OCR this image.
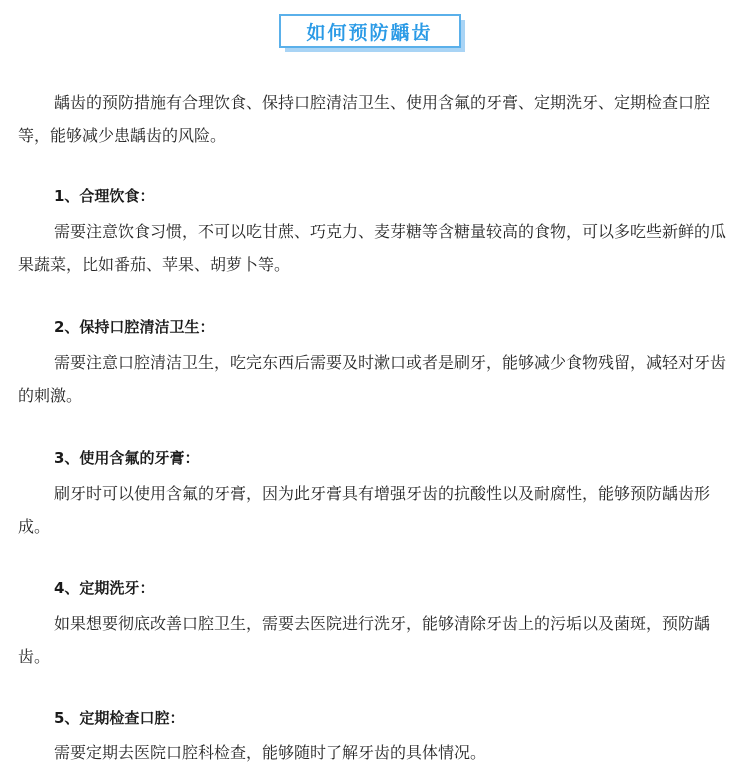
如何预防龋齿
龋齿的预防措施有合理饮食、保持口腔清洁卫生、使用含氟的牙膏、定期洗牙、定期检查口腔等，能够减少患龋齿的风险。
1、合理饮食：
需要注意饮食习惯，不可以吃甘蔗、巧克力、麦芽糖等含糖量较高的食物，可以多吃些新鲜的瓜果蔬菜，比如番茄、苹果、胡萝卜等。
2、保持口腔清洁卫生：
需要注意口腔清洁卫生，吃完东西后需要及时漱口或者是刷牙，能够减少食物残留，减轻对牙齿的刺激。
3、使用含氟的牙膏：
刷牙时可以使用含氟的牙膏，因为此牙膏具有增强牙齿的抗酸性以及耐腐性，能够预防龋齿形成。
4、定期洗牙：
如果想要彻底改善口腔卫生，需要去医院进行洗牙，能够清除牙齿上的污垢以及菌斑，预防龋齿。
5、定期检查口腔：
需要定期去医院口腔科检查，能够随时了解牙齿的具体情况。
